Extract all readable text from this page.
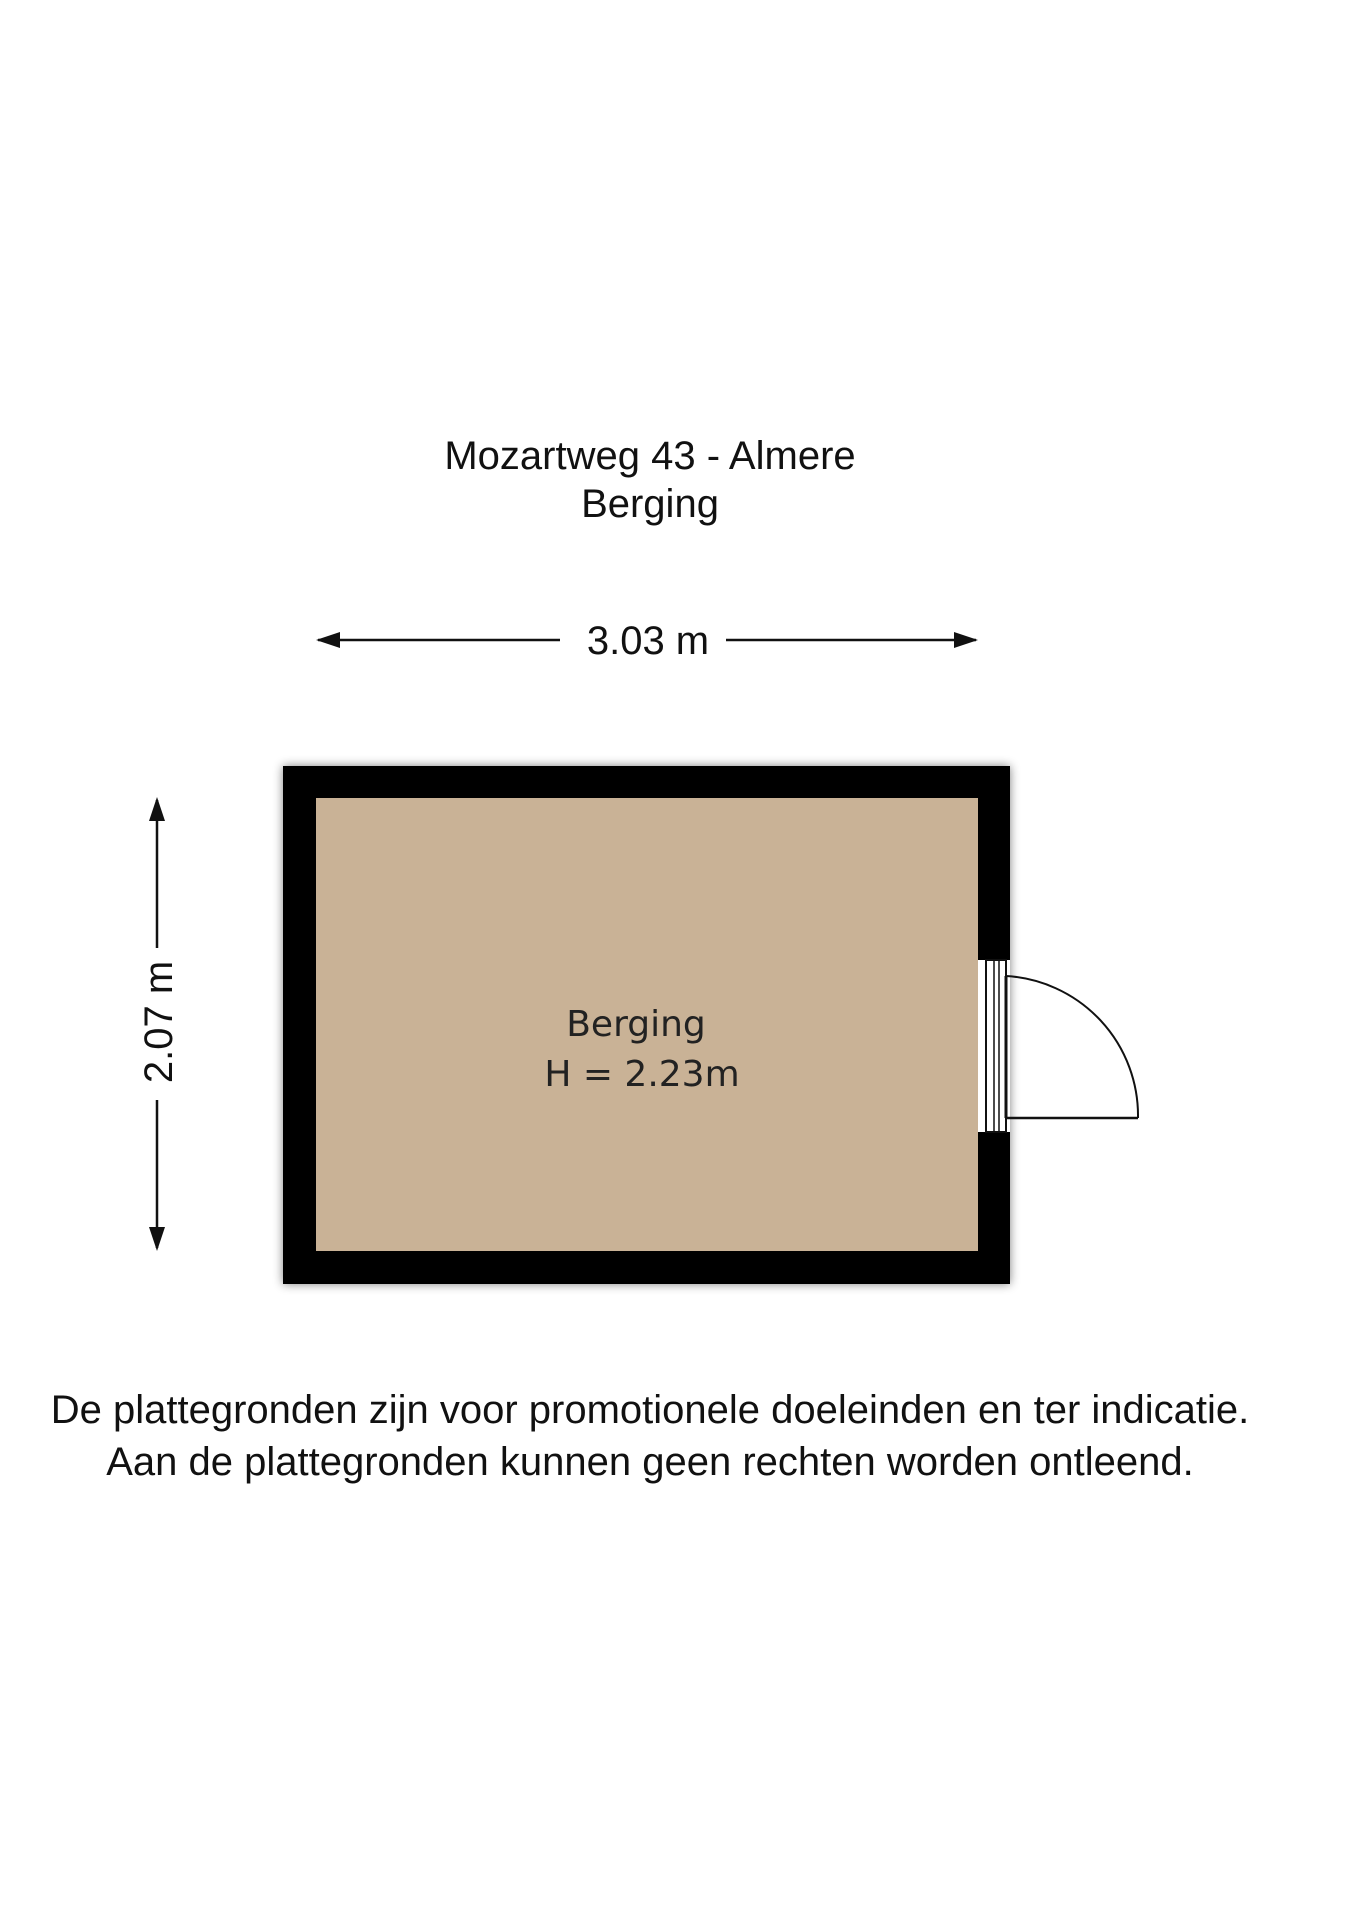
Mozartweg 43 - Almere
Berging
3.03 m
2.07 m	Berging
H = 2.23m
De plattegronden zijn voor promotionele doeleinden en ter indicatie.
Aan de plattegronden kunnen geen rechten worden ontleend.
